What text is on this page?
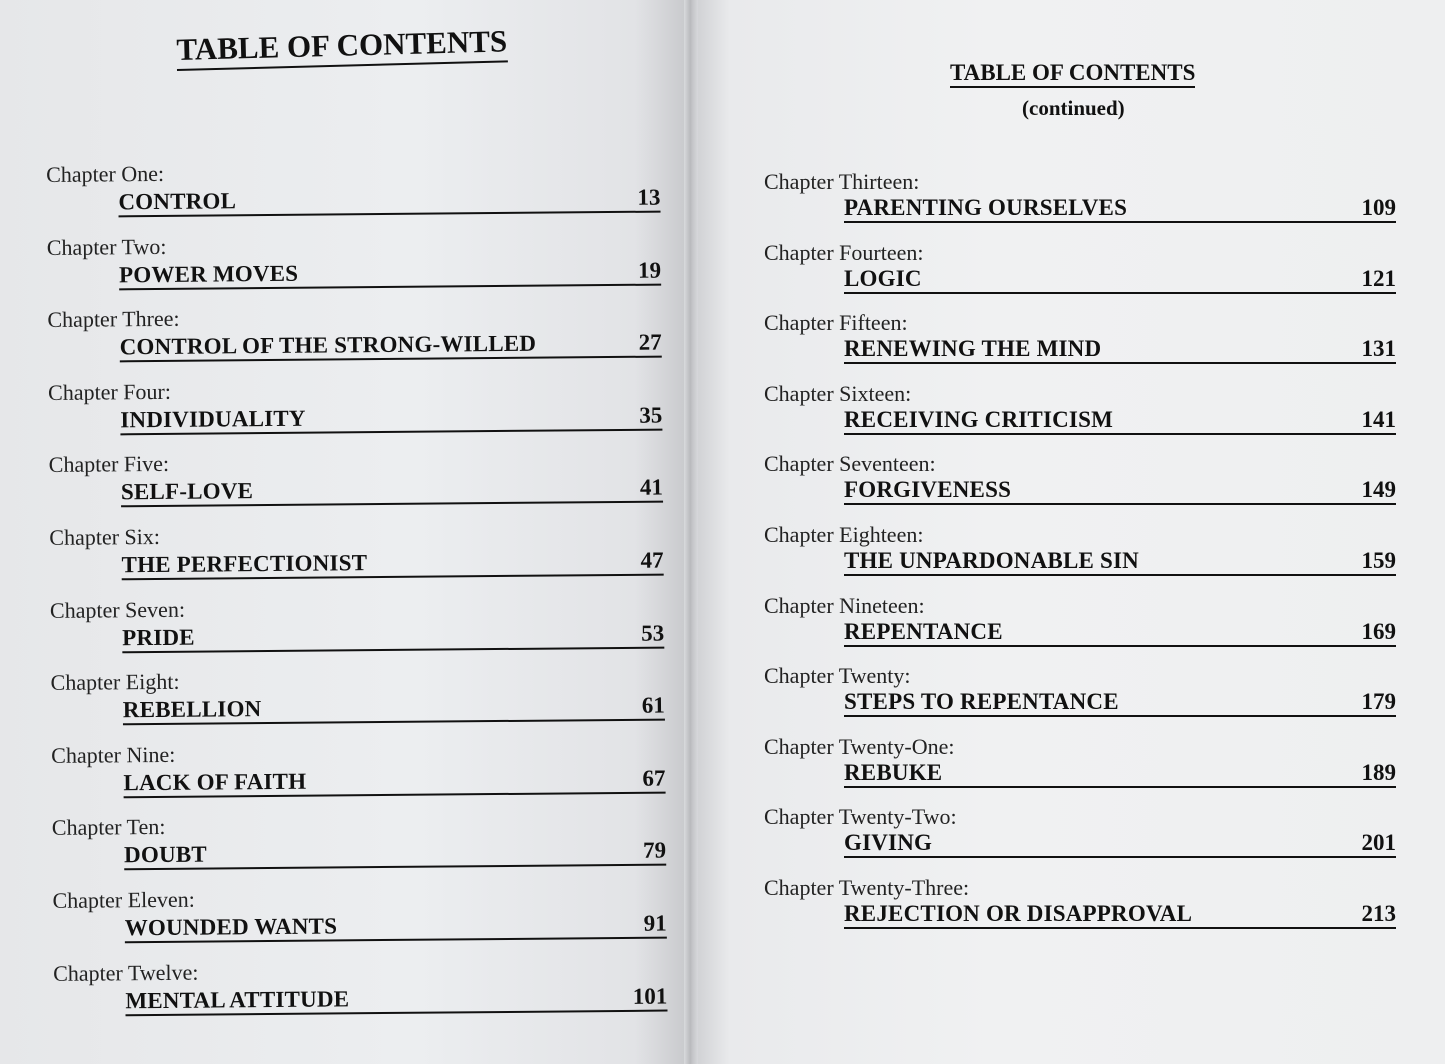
TABLE OF CONTENTS
Chapter One:
CONTROL	13
Chapter Two:
POWER MOVES	19
Chapter Three:
CONTROL OF THE STRONG-WILLED	27
Chapter Four:
INDIVIDUALITY	35
Chapter Five:
SELF-LOVE	41
Chapter Six:
THE PERFECTIONIST	47
Chapter Seven:
PRIDE	53
Chapter Eight:
REBELLION	61
Chapter Nine:
LACK OF FAITH	67
Chapter Ten:
DOUBT	79
Chapter Eleven:
WOUNDED WANTS	91
Chapter Twelve:
MENTAL ATTITUDE	101
TABLE OF CONTENTS
(continued)
Chapter Thirteen:
PARENTING OURSELVES	109
Chapter Fourteen:
LOGIC	121
Chapter Fifteen:
RENEWING THE MIND	131
Chapter Sixteen:
RECEIVING CRITICISM	141
Chapter Seventeen:
FORGIVENESS	149
Chapter Eighteen:
THE UNPARDONABLE SIN	159
Chapter Nineteen:
REPENTANCE	169
Chapter Twenty:
STEPS TO REPENTANCE	179
Chapter Twenty-One:
REBUKE	189
Chapter Twenty-Two:
GIVING	201
Chapter Twenty-Three:
REJECTION OR DISAPPROVAL	213
